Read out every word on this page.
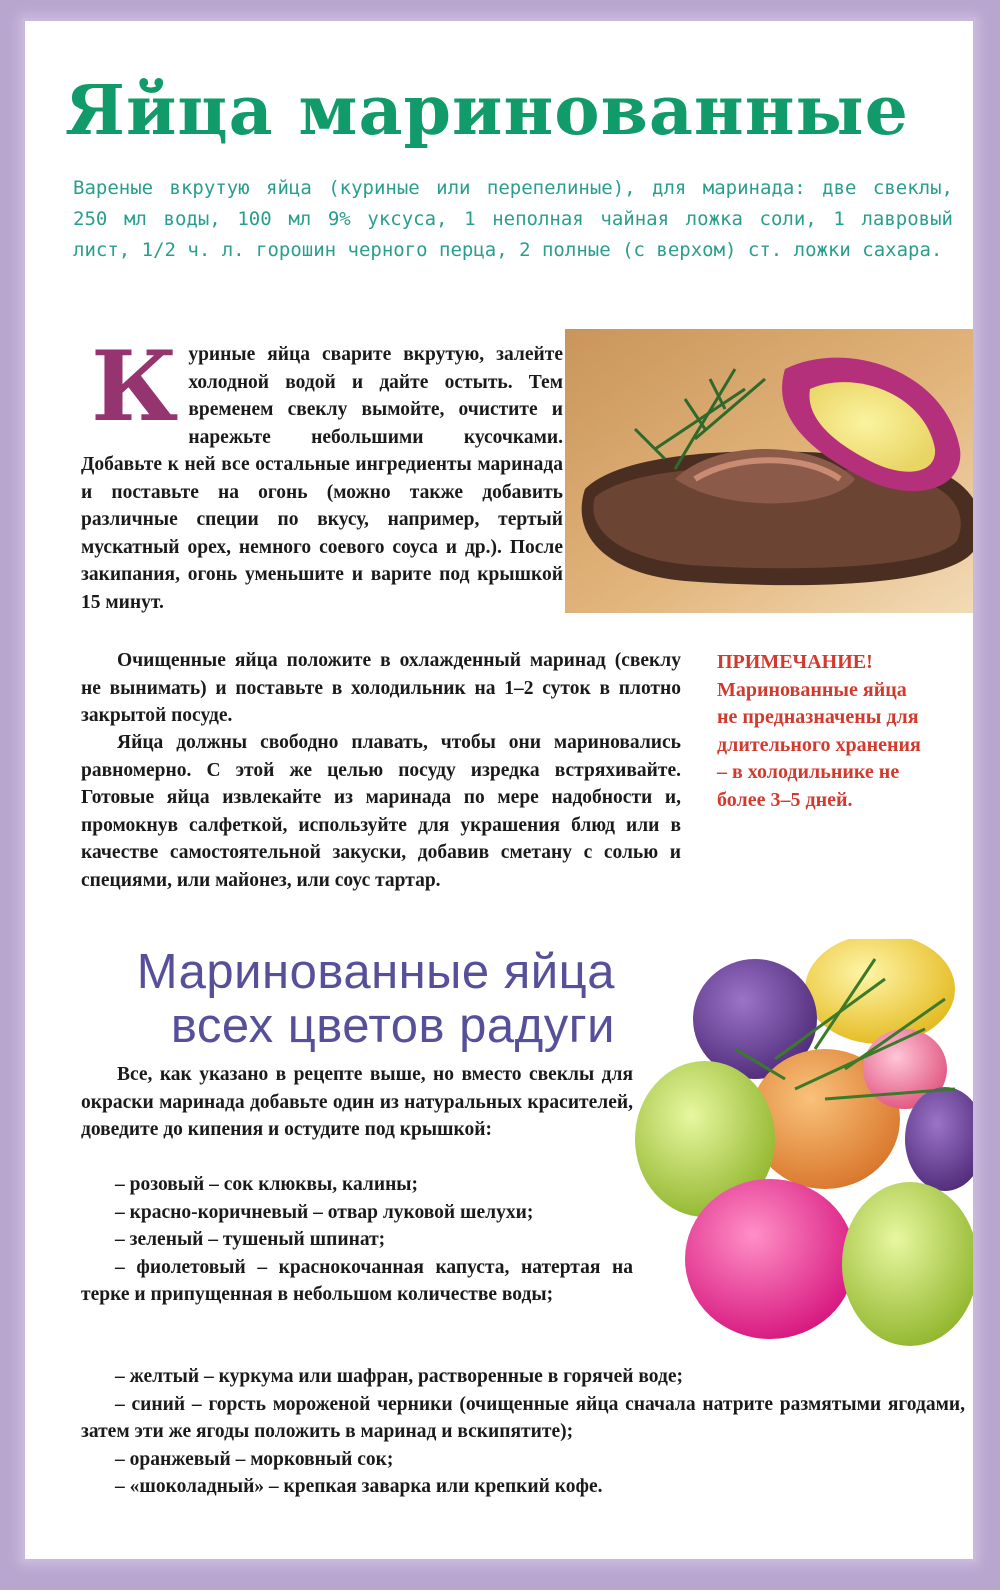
Яйца маринованные

Вареные вкрутую яйца (куриные или перепелиные), для маринада: две свеклы, 250 мл воды, 100 мл 9% уксуса, 1 неполная чайная ложка соли, 1 лавровый лист, 1/2 ч. л. горошин черного перца, 2 полные (с верхом) ст. ложки сахара.

К уриные яйца сварите вкрутую, залейте холодной водой и дайте остыть. Тем временем свеклу вымойте, очистите и нарежьте небольшими кусочками. Добавьте к ней все остальные ингредиенты маринада и поставьте на огонь (можно также добавить различные специи по вкусу, например, тертый мускатный орех, немного соевого соуса и др.). После закипания, огонь уменьшите и варите под крышкой 15 минут.

Очищенные яйца положите в охлажденный маринад (свеклу не вынимать) и поставьте в холодильник на 1–2 суток в плотно закрытой посуде.

Яйца должны свободно плавать, чтобы они мариновались равномерно. С этой же целью посуду изредка встряхивайте. Готовые яйца извлекайте из маринада по мере надобности и, промокнув салфеткой, используйте для украшения блюд или в качестве самостоятельной закуски, добавив сметану с солью и специями, или майонез, или соус тартар.

ПРИМЕЧАНИЕ!
Маринованные яйца не предназначены для длительного хранения – в холодильнике не более 3–5 дней.
Маринованные яйца
всех цветов радуги

Все, как указано в рецепте выше, но вместо свеклы для окраски маринада добавьте один из натуральных красителей, доведите до кипения и остудите под крышкой:

– розовый – сок клюквы, калины;
– красно-коричневый – отвар луковой шелухи;
– зеленый – тушеный шпинат;
– фиолетовый – краснокочанная капуста, натертая на терке и припущенная в небольшом количестве воды;
– желтый – куркума или шафран, растворенные в горячей воде;
– синий – горсть мороженой черники (очищенные яйца сначала натрите размятыми ягодами, затем эти же ягоды положить в маринад и вскипятите);
– оранжевый – морковный сок;
– «шоколадный» – крепкая заварка или крепкий кофе.
